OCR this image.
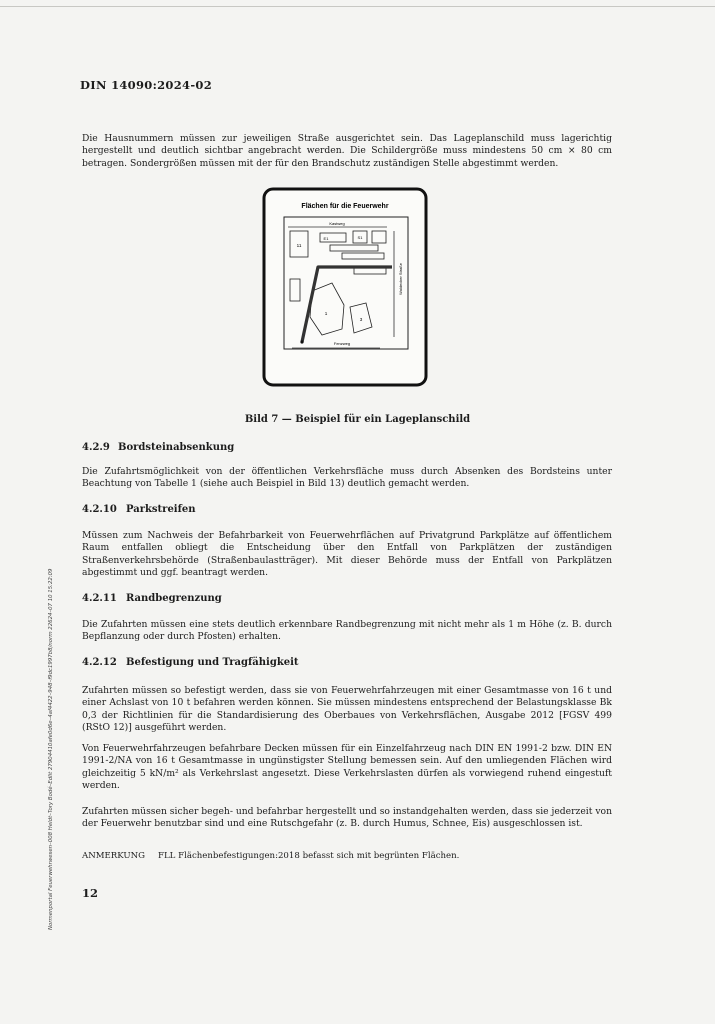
DIN 14090:2024-02
Die Hausnummern müssen zur jeweiligen Straße ausgerichtet sein. Das Lageplanschild muss lagerichtig hergestellt und deutlich sichtbar angebracht werden. Die Schildergröße muss mindestens 50 cm × 80 cm betragen. Sondergrößen müssen mit der für den Brandschutz zuständigen Stelle abgestimmt werden.
Flächen für die Feuerwehr
Kastweg
Waldecker Straße
Fenzweg
11
E1	S1
1
3
Bild 7 — Beispiel für ein Lageplanschild
4.2.9 Bordsteinabsenkung
Die Zufahrtsmöglichkeit von der öffentlichen Verkehrsfläche muss durch Absenken des Bordsteins unter Beachtung von Tabelle 1 (siehe auch Beispiel in Bild 13) deutlich gemacht werden.
4.2.10 Parkstreifen
Müssen zum Nachweis der Befahrbarkeit von Feuerwehrflächen auf Privatgrund Parkplätze auf öffentlichem Raum entfallen obliegt die Entscheidung über den Entfall von Parkplätzen der zuständigen Straßenverkehrsbehörde (Straßenbaulastträger). Mit dieser Behörde muss der Entfall von Parkplätzen abgestimmt und ggf. beantragt werden.
4.2.11 Randbegrenzung
Die Zufahrten müssen eine stets deutlich erkennbare Randbegrenzung mit nicht mehr als 1 m Höhe (z. B. durch Bepflanzung oder durch Pfosten) erhalten.
4.2.12 Befestigung und Tragfähigkeit
Zufahrten müssen so befestigt werden, dass sie von Feuerwehrfahrzeugen mit einer Gesamtmasse von 16 t und einer Achslast von 10 t befahren werden können. Sie müssen mindestens entsprechend der Belastungsklasse Bk 0,3 der Richtlinien für die Standardisierung des Oberbaues von Verkehrsflächen, Ausgabe 2012 [FGSV 499 (RStO 12)] ausgeführt werden.
Von Feuerwehrfahrzeugen befahrbare Decken müssen für ein Einzelfahrzeug nach DIN EN 1991-2 bzw. DIN EN 1991-2/NA von 16 t Gesamtmasse in ungünstigster Stellung bemessen sein. Auf den umliegenden Flächen wird gleichzeitig 5 kN/m² als Verkehrslast angesetzt. Diese Verkehrslasten dürfen als vorwiegend ruhend eingestuft werden.
Zufahrten müssen sicher begeh- und befahrbar hergestellt und so instandgehalten werden, dass sie jederzeit von der Feuerwehr benutzbar sind und eine Rutschgefahr (z. B. durch Humus, Schnee, Eis) ausgeschlossen ist.
ANMERKUNG FLL Flächenbefestigungen:2018 befasst sich mit begrünten Flächen.
12
Normenportal Feuerwehrwesen–008 Heldt–Tory Bodé–Edlit 27904410afe0d6e–4af4422–948–f9dc1997b8/norm 22624–07 10 15:22:09
